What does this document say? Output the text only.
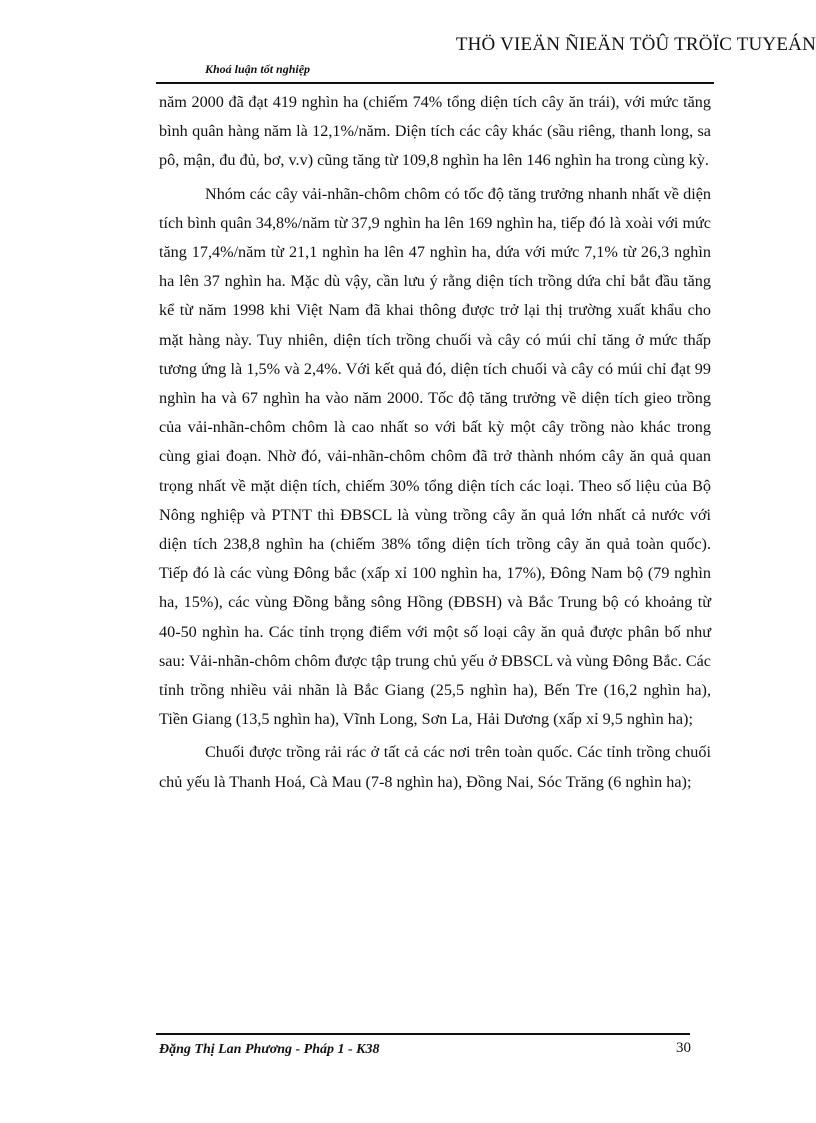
THÖ VIEÄN ÑIEÄN TÖÛ TRÖÏC TUYEÁN
Khoá luận tốt nghiệp

năm 2000 đã đạt 419 nghìn ha (chiếm 74% tổng diện tích cây ăn trái), với mức tăng bình quân hàng năm là 12,1%/năm. Diện tích các cây khác (sầu riêng, thanh long, sa pô, mận, đu đủ, bơ, v.v) cũng tăng từ 109,8 nghìn ha lên 146 nghìn ha trong cùng kỳ.

Nhóm các cây vải-nhãn-chôm chôm có tốc độ tăng trưởng nhanh nhất về diện tích bình quân 34,8%/năm từ 37,9 nghìn ha lên 169 nghìn ha, tiếp đó là xoài với mức tăng 17,4%/năm từ 21,1 nghìn ha lên 47 nghìn ha, dứa với mức 7,1% từ 26,3 nghìn ha lên 37 nghìn ha. Mặc dù vậy, cần lưu ý rằng diện tích trồng dứa chỉ bắt đầu tăng kể từ năm 1998 khi Việt Nam đã khai thông được trở lại thị trường xuất khẩu cho mặt hàng này. Tuy nhiên, diện tích trồng chuối và cây có múi chỉ tăng ở mức thấp tương ứng là 1,5% và 2,4%. Với kết quả đó, diện tích chuối và cây có múi chỉ đạt 99 nghìn ha và 67 nghìn ha vào năm 2000. Tốc độ tăng trưởng về diện tích gieo trồng của vải-nhãn-chôm chôm là cao nhất so với bất kỳ một cây trồng nào khác trong cùng giai đoạn. Nhờ đó, vải-nhãn-chôm chôm đã trở thành nhóm cây ăn quả quan trọng nhất về mặt diện tích, chiếm 30% tổng diện tích các loại. Theo số liệu của Bộ Nông nghiệp và PTNT thì ĐBSCL là vùng trồng cây ăn quả lớn nhất cả nước với diện tích 238,8 nghìn ha (chiếm 38% tổng diện tích trồng cây ăn quả toàn quốc). Tiếp đó là các vùng Đông bắc (xấp xỉ 100 nghìn ha, 17%), Đông Nam bộ (79 nghìn ha, 15%), các vùng Đồng bằng sông Hồng (ĐBSH) và Bắc Trung bộ có khoảng từ 40-50 nghìn ha. Các tỉnh trọng điểm với một số loại cây ăn quả được phân bố như sau: Vải-nhãn-chôm chôm được tập trung chủ yếu ở ĐBSCL và vùng Đông Bắc. Các tỉnh trồng nhiều vải nhãn là Bắc Giang (25,5 nghìn ha), Bến Tre (16,2 nghìn ha), Tiền Giang (13,5 nghìn ha), Vĩnh Long, Sơn La, Hải Dương (xấp xỉ 9,5 nghìn ha);

Chuối được trồng rải rác ở tất cả các nơi trên toàn quốc. Các tỉnh trồng chuối chủ yếu là Thanh Hoá, Cà Mau (7-8 nghìn ha), Đồng Nai, Sóc Trăng (6 nghìn ha);

Đặng Thị Lan Phương - Pháp 1 - K38	30
